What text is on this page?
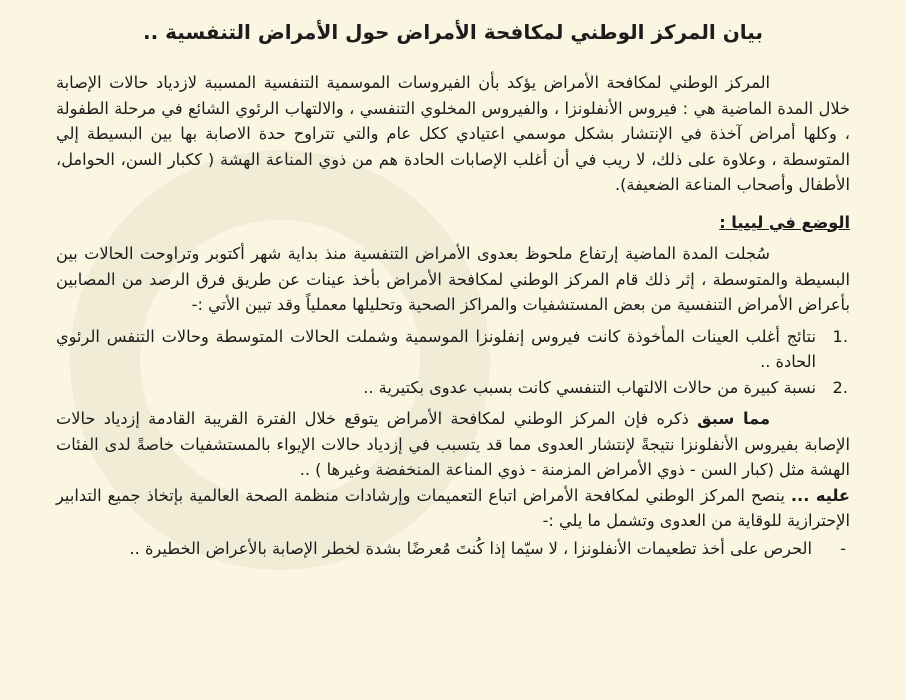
بيان المركز الوطني لمكافحة الأمراض حول الأمراض التنفسية ..

المركز الوطني لمكافحة الأمراض يؤكد بأن الفيروسات الموسمية التنفسية المسببة لازدياد حالات الإصابة خلال المدة الماضية هي : فيروس الأنفلونزا ، والفيروس المخلوي التنفسي ، والالتهاب الرئوي الشائع في مرحلة الطفولة ، وكلها أمراض آخذة في الإنتشار بشكل موسمي اعتيادي ككل عام والتي تتراوح حدة الاصابة بها بين البسيطة إلي المتوسطة ، وعلاوة على ذلك، لا ريب في أن أغلب الإصابات الحادة هم من ذوي المناعة الهشة ( ككبار السن، الحوامل، الأطفال وأصحاب المناعة الضعيفة).

الوضع في ليبيا :

سُجلت المدة الماضية إرتفاع ملحوظ بعدوى الأمراض التنفسية منذ بداية شهر أكتوبر وتراوحت الحالات بين البسيطة والمتوسطة ، إثر ذلك قام المركز الوطني لمكافحة الأمراض بأخذ عينات عن طريق فرق الرصد من المصابين بأعراض الأمراض التنفسية من بعض المستشفيات والمراكز الصحية وتحليلها معملياً وقد تبين الأتي :-

1.
نتائج أغلب العينات المأخوذة كانت فيروس إنفلونزا الموسمية وشملت الحالات المتوسطة وحالات التنفس الرئوي الحادة ..
2.
نسبة كبيرة من حالات الالتهاب التنفسي كانت بسبب عدوى بكتيرية ..

مما سبق ذكره فإن المركز الوطني لمكافحة الأمراض يتوقع خلال الفترة القريبة القادمة إزدياد حالات الإصابة بفيروس الأنفلونزا نتيجةً لإنتشار العدوى مما قد يتسبب في إزدياد حالات الإيواء بالمستشفيات خاصةً لدى الفئات الهشة مثل (كبار السن - ذوي الأمراض المزمنة - ذوي المناعة المنخفضة وغيرها ) ..

عليه ... ينصح المركز الوطني لمكافحة الأمراض اتباع التعميمات وإرشادات منظمة الصحة العالمية بإتخاذ جميع التدابير الإحترازية للوقاية من العدوى وتشمل ما يلي :-

-
الحرص على أخذ تطعيمات الأنفلونزا ، لا سيّما إذا كُنتَ مُعرضًا بشدة لخطر الإصابة بالأعراض الخطيرة ..
